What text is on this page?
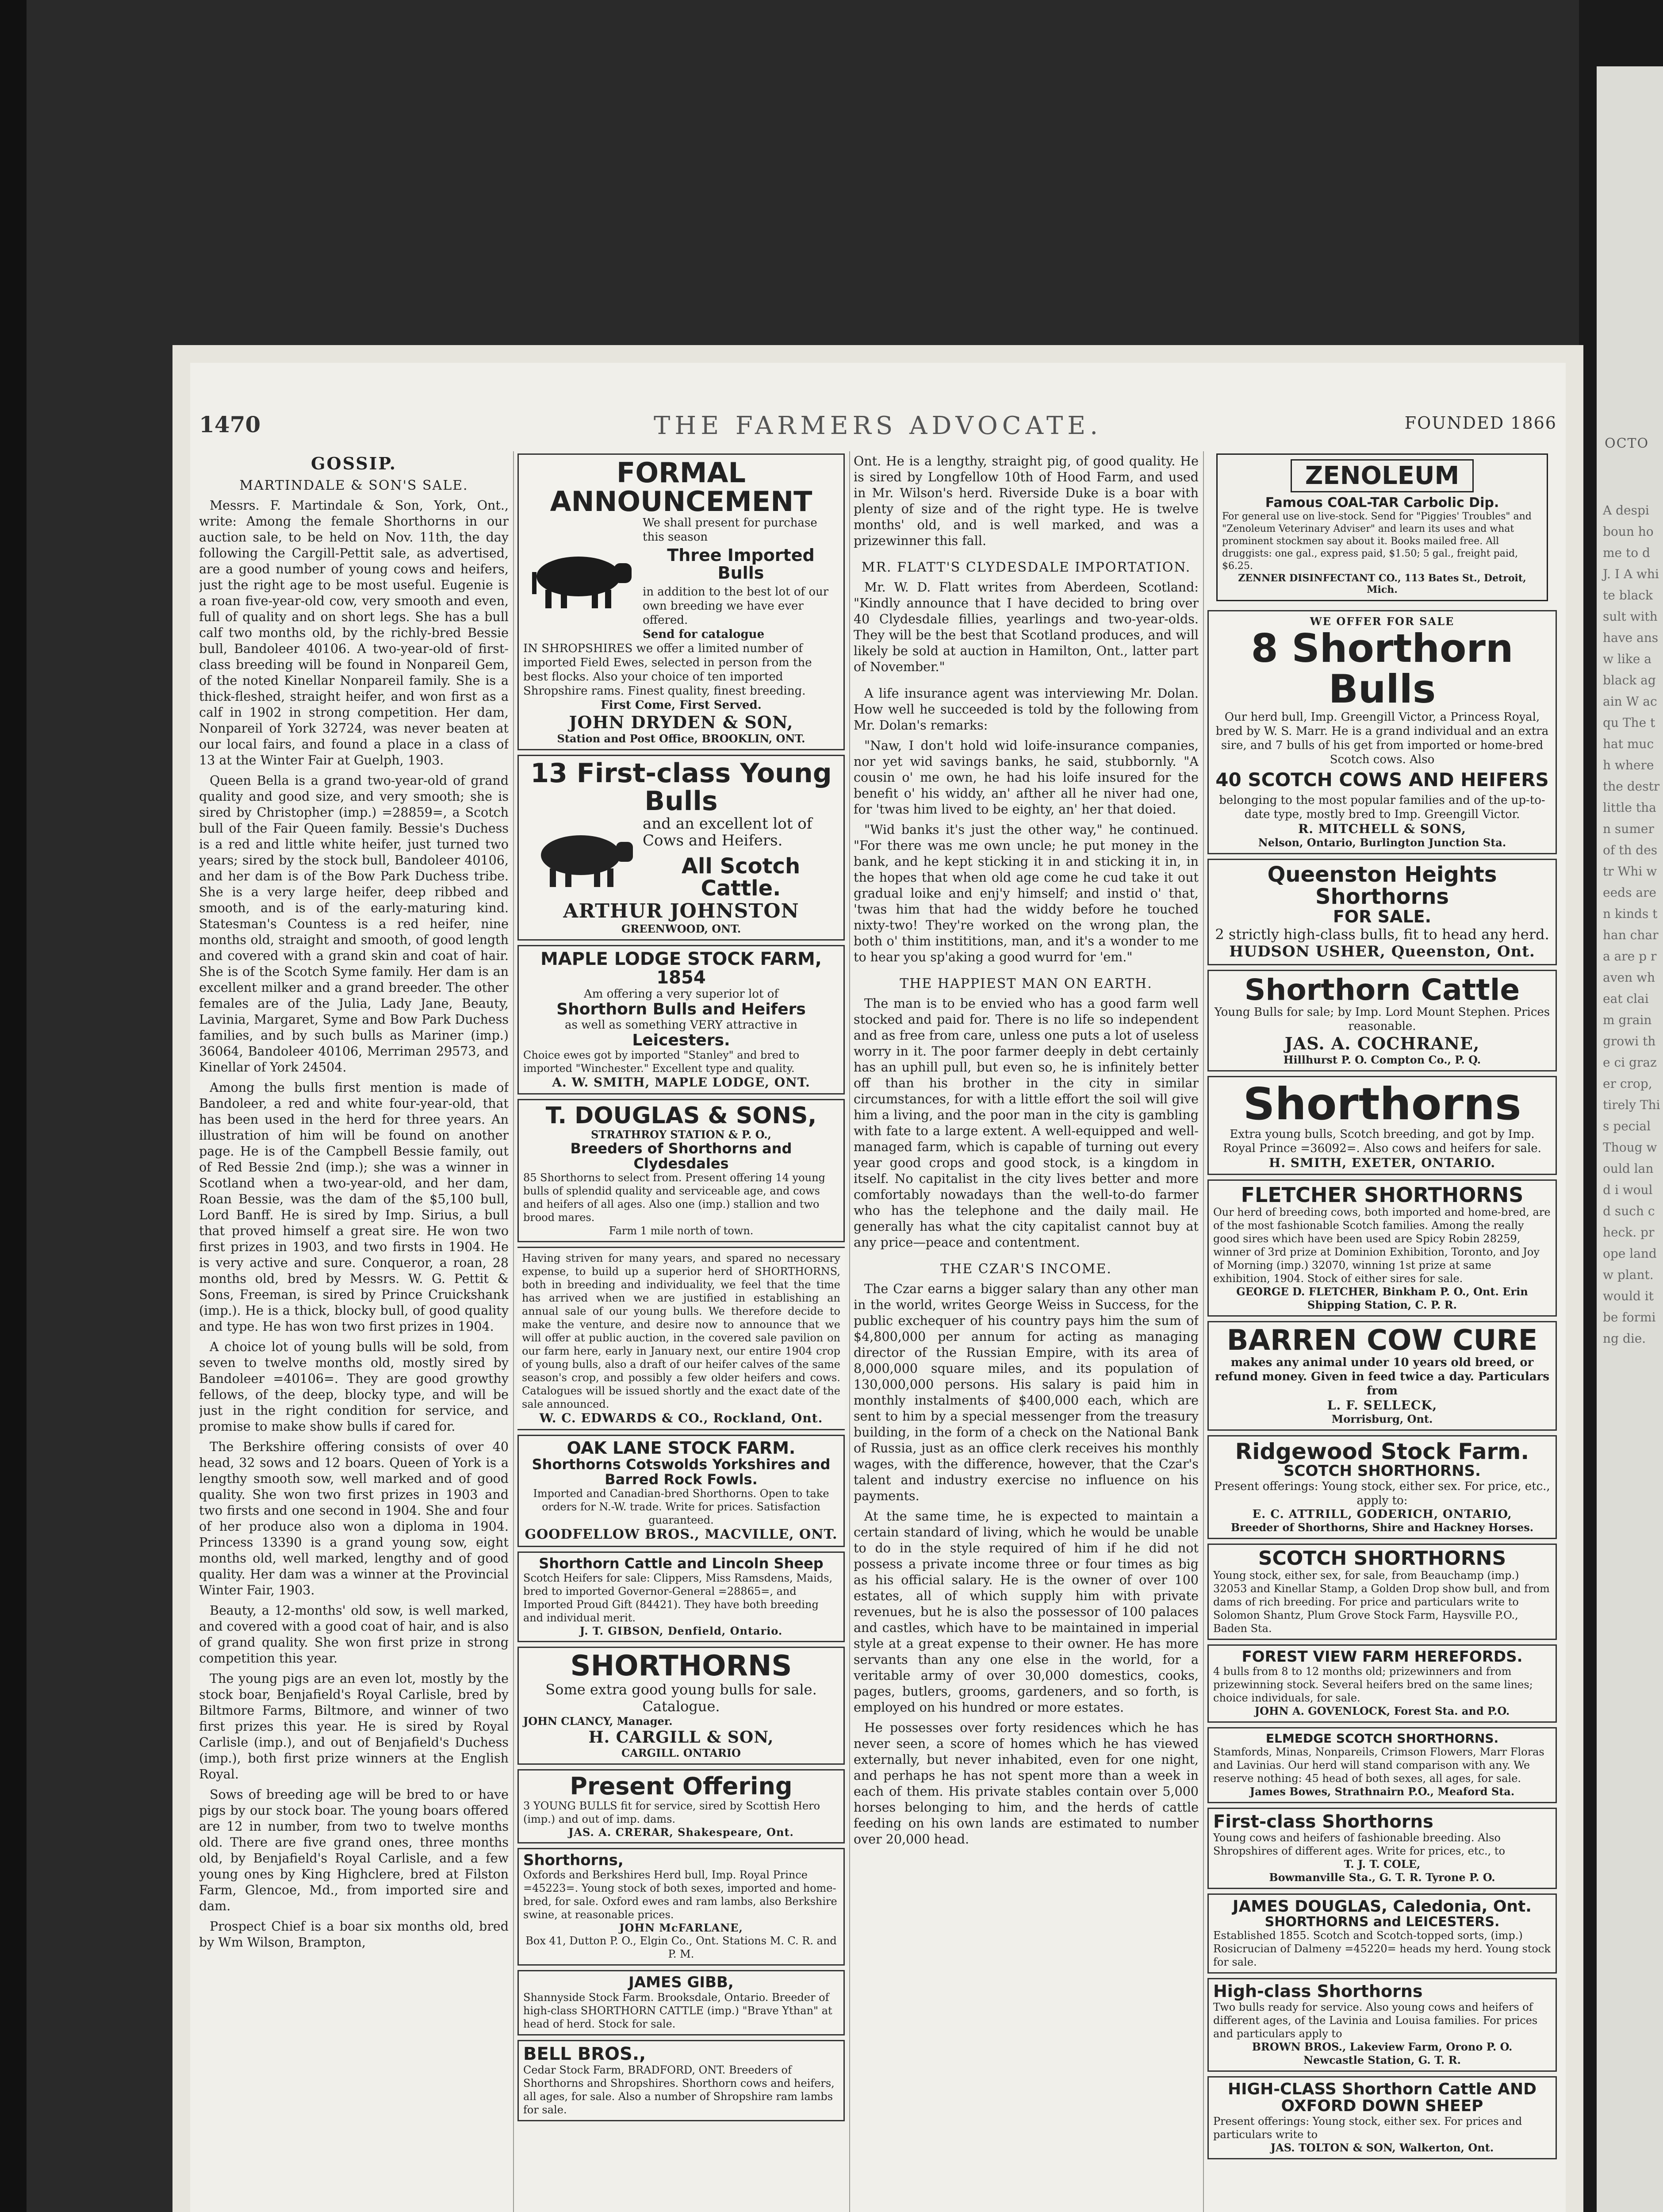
OCTO
A despi boun home to d J. I A white black sult with have answ like a black again W acqu The that much where the destr little than sumer of th destr Whi weeds are n kinds than chara are p raven wheat claim grain growi the ci grazer crop, tirely This pecial Thoug would land i would such check. prope landw plant. would it be forming die.
THE FARMERS ADVOCATE.
1470	FOUNDED 1866
GOSSIP.
MARTINDALE & SON'S SALE.

Messrs. F. Martindale & Son, York, Ont., write: Among the female Shorthorns in our auction sale, to be held on Nov. 11th, the day following the Cargill-Pettit sale, as advertised, are a good number of young cows and heifers, just the right age to be most useful. Eugenie is a roan five-year-old cow, very smooth and even, full of quality and on short legs. She has a bull calf two months old, by the richly-bred Bessie bull, Bandoleer 40106. A two-year-old of first-class breeding will be found in Nonpareil Gem, of the noted Kinellar Nonpareil family. She is a thick-fleshed, straight heifer, and won first as a calf in 1902 in strong competition. Her dam, Nonpareil of York 32724, was never beaten at our local fairs, and found a place in a class of 13 at the Winter Fair at Guelph, 1903.

Queen Bella is a grand two-year-old of grand quality and good size, and very smooth; she is sired by Christopher (imp.) =28859=, a Scotch bull of the Fair Queen family. Bessie's Duchess is a red and little white heifer, just turned two years; sired by the stock bull, Bandoleer 40106, and her dam is of the Bow Park Duchess tribe. She is a very large heifer, deep ribbed and smooth, and is of the early-maturing kind. Statesman's Countess is a red heifer, nine months old, straight and smooth, of good length and covered with a grand skin and coat of hair. She is of the Scotch Syme family. Her dam is an excellent milker and a grand breeder. The other females are of the Julia, Lady Jane, Beauty, Lavinia, Margaret, Syme and Bow Park Duchess families, and by such bulls as Mariner (imp.) 36064, Bandoleer 40106, Merriman 29573, and Kinellar of York 24504.

Among the bulls first mention is made of Bandoleer, a red and white four-year-old, that has been used in the herd for three years. An illustration of him will be found on another page. He is of the Campbell Bessie family, out of Red Bessie 2nd (imp.); she was a winner in Scotland when a two-year-old, and her dam, Roan Bessie, was the dam of the $5,100 bull, Lord Banff. He is sired by Imp. Sirius, a bull that proved himself a great sire. He won two first prizes in 1903, and two firsts in 1904. He is very active and sure. Conqueror, a roan, 28 months old, bred by Messrs. W. G. Pettit & Sons, Freeman, is sired by Prince Cruickshank (imp.). He is a thick, blocky bull, of good quality and type. He has won two first prizes in 1904.

A choice lot of young bulls will be sold, from seven to twelve months old, mostly sired by Bandoleer =40106=. They are good growthy fellows, of the deep, blocky type, and will be just in the right condition for service, and promise to make show bulls if cared for.

The Berkshire offering consists of over 40 head, 32 sows and 12 boars. Queen of York is a lengthy smooth sow, well marked and of good quality. She won two first prizes in 1903 and two firsts and one second in 1904. She and four of her produce also won a diploma in 1904. Princess 13390 is a grand young sow, eight months old, well marked, lengthy and of good quality. Her dam was a winner at the Provincial Winter Fair, 1903.

Beauty, a 12-months' old sow, is well marked, and covered with a good coat of hair, and is also of grand quality. She won first prize in strong competition this year.

The young pigs are an even lot, mostly by the stock boar, Benjafield's Royal Carlisle, bred by Biltmore Farms, Biltmore, and winner of two first prizes this year. He is sired by Royal Carlisle (imp.), and out of Benjafield's Duchess (imp.), both first prize winners at the English Royal.

Sows of breeding age will be bred to or have pigs by our stock boar. The young boars offered are 12 in number, from two to twelve months old. There are five grand ones, three months old, by Benjafield's Royal Carlisle, and a few young ones by King Highclere, bred at Filston Farm, Glencoe, Md., from imported sire and dam.

Prospect Chief is a boar six months old, bred by Wm Wilson, Brampton,

FORMAL ANNOUNCEMENT
We shall present for purchase this season
Three Imported Bulls
in addition to the best lot of our own breeding we have ever offered.
Send for catalogue
IN SHROPSHIRES we offer a limited number of imported Field Ewes, selected in person from the best flocks. Also your choice of ten imported Shropshire rams. Finest quality, finest breeding.
First Come, First Served.
JOHN DRYDEN & SON,
Station and Post Office, BROOKLIN, ONT.
13 First-class Young Bulls
and an excellent lot of Cows and Heifers.
All Scotch Cattle.
ARTHUR JOHNSTON
GREENWOOD, ONT.
MAPLE LODGE STOCK FARM, 1854
Am offering a very superior lot of
Shorthorn Bulls and Heifers
as well as something VERY attractive in
Leicesters.
Choice ewes got by imported "Stanley" and bred to imported "Winchester." Excellent type and quality.
A. W. SMITH, MAPLE LODGE, ONT.
T. DOUGLAS & SONS,
STRATHROY STATION & P. O.,
Breeders of Shorthorns and Clydesdales
85 Shorthorns to select from. Present offering 14 young bulls of splendid quality and serviceable age, and cows and heifers of all ages. Also one (imp.) stallion and two brood mares.
Farm 1 mile north of town.
Having striven for many years, and spared no necessary expense, to build up a superior herd of SHORTHORNS, both in breeding and individuality, we feel that the time has arrived when we are justified in establishing an annual sale of our young bulls. We therefore decide to make the venture, and desire now to announce that we will offer at public auction, in the covered sale pavilion on our farm here, early in January next, our entire 1904 crop of young bulls, also a draft of our heifer calves of the same season's crop, and possibly a few older heifers and cows. Catalogues will be issued shortly and the exact date of the sale announced.
W. C. EDWARDS & CO., Rockland, Ont.
OAK LANE STOCK FARM.
Shorthorns Cotswolds Yorkshires and Barred Rock Fowls.
Imported and Canadian-bred Shorthorns. Open to take orders for N.-W. trade. Write for prices. Satisfaction guaranteed.
GOODFELLOW BROS., MACVILLE, ONT.
Shorthorn Cattle and Lincoln Sheep
Scotch Heifers for sale: Clippers, Miss Ramsdens, Maids, bred to imported Governor-General =28865=, and Imported Proud Gift (84421). They have both breeding and individual merit.
J. T. GIBSON, Denfield, Ontario.
SHORTHORNS
Some extra good young bulls for sale. Catalogue.
JOHN CLANCY, Manager.
H. CARGILL & SON,
CARGILL. ONTARIO
Present Offering
3 YOUNG BULLS fit for service, sired by Scottish Hero (imp.) and out of imp. dams.
JAS. A. CRERAR, Shakespeare, Ont.
Shorthorns,
Oxfords and Berkshires Herd bull, Imp. Royal Prince =45223=. Young stock of both sexes, imported and home-bred, for sale. Oxford ewes and ram lambs, also Berkshire swine, at reasonable prices.
JOHN McFARLANE,
Box 41, Dutton P. O., Elgin Co., Ont. Stations M. C. R. and P. M.
JAMES GIBB,
Shannyside Stock Farm. Brooksdale, Ontario. Breeder of high-class SHORTHORN CATTLE (imp.) "Brave Ythan" at head of herd. Stock for sale.
BELL BROS.,
Cedar Stock Farm, BRADFORD, ONT. Breeders of Shorthorns and Shropshires. Shorthorn cows and heifers, all ages, for sale. Also a number of Shropshire ram lambs for sale.

Ont. He is a lengthy, straight pig, of good quality. He is sired by Longfellow 10th of Hood Farm, and used in Mr. Wilson's herd. Riverside Duke is a boar with plenty of size and of the right type. He is twelve months' old, and is well marked, and was a prizewinner this fall.

MR. FLATT'S CLYDESDALE IMPORTATION.

Mr. W. D. Flatt writes from Aberdeen, Scotland: "Kindly announce that I have decided to bring over 40 Clydesdale fillies, yearlings and two-year-olds. They will be the best that Scotland produces, and will likely be sold at auction in Hamilton, Ont., latter part of November."

A life insurance agent was interviewing Mr. Dolan. How well he succeeded is told by the following from Mr. Dolan's remarks:

"Naw, I don't hold wid loife-insurance companies, nor yet wid savings banks, he said, stubbornly. "A cousin o' me own, he had his loife insured for the benefit o' his widdy, an' afther all he niver had one, for 'twas him lived to be eighty, an' her that doied.

"Wid banks it's just the other way," he continued. "For there was me own uncle; he put money in the bank, and he kept sticking it in and sticking it in, in the hopes that when old age come he cud take it out gradual loike and enj'y himself; and instid o' that, 'twas him that had the widdy before he touched nixty-two! They're worked on the wrong plan, the both o' thim instititions, man, and it's a wonder to me to hear you sp'aking a good wurrd for 'em."

THE HAPPIEST MAN ON EARTH.

The man is to be envied who has a good farm well stocked and paid for. There is no life so independent and as free from care, unless one puts a lot of useless worry in it. The poor farmer deeply in debt certainly has an uphill pull, but even so, he is infinitely better off than his brother in the city in similar circumstances, for with a little effort the soil will give him a living, and the poor man in the city is gambling with fate to a large extent. A well-equipped and well-managed farm, which is capable of turning out every year good crops and good stock, is a kingdom in itself. No capitalist in the city lives better and more comfortably nowadays than the well-to-do farmer who has the telephone and the daily mail. He generally has what the city capitalist cannot buy at any price—peace and contentment.

THE CZAR'S INCOME.

The Czar earns a bigger salary than any other man in the world, writes George Weiss in Success, for the public exchequer of his country pays him the sum of $4,800,000 per annum for acting as managing director of the Russian Empire, with its area of 8,000,000 square miles, and its population of 130,000,000 persons. His salary is paid him in monthly instalments of $400,000 each, which are sent to him by a special messenger from the treasury building, in the form of a check on the National Bank of Russia, just as an office clerk receives his monthly wages, with the difference, however, that the Czar's talent and industry exercise no influence on his payments.

At the same time, he is expected to maintain a certain standard of living, which he would be unable to do in the style required of him if he did not possess a private income three or four times as big as his official salary. He is the owner of over 100 estates, all of which supply him with private revenues, but he is also the possessor of 100 palaces and castles, which have to be maintained in imperial style at a great expense to their owner. He has more servants than any one else in the world, for a veritable army of over 30,000 domestics, cooks, pages, butlers, grooms, gardeners, and so forth, is employed on his hundred or more estates.

He possesses over forty residences which he has never seen, a score of homes which he has viewed externally, but never inhabited, even for one night, and perhaps he has not spent more than a week in each of them. His private stables contain over 5,000 horses belonging to him, and the herds of cattle feeding on his own lands are estimated to number over 20,000 head.

ZENOLEUM
Famous COAL-TAR Carbolic Dip.
For general use on live-stock. Send for "Piggies' Troubles" and "Zenoleum Veterinary Adviser" and learn its uses and what prominent stockmen say about it. Books mailed free. All druggists: one gal., express paid, $1.50; 5 gal., freight paid, $6.25.
ZENNER DISINFECTANT CO., 113 Bates St., Detroit, Mich.
WE OFFER FOR SALE
8 Shorthorn Bulls
Our herd bull, Imp. Greengill Victor, a Princess Royal, bred by W. S. Marr. He is a grand individual and an extra sire, and 7 bulls of his get from imported or home-bred Scotch cows. Also
40 SCOTCH COWS AND HEIFERS
belonging to the most popular families and of the up-to-date type, mostly bred to Imp. Greengill Victor.
R. MITCHELL & SONS,
Nelson, Ontario, Burlington Junction Sta.
Queenston Heights Shorthorns
FOR SALE.
2 strictly high-class bulls, fit to head any herd.
HUDSON USHER, Queenston, Ont.
Shorthorn Cattle
Young Bulls for sale; by Imp. Lord Mount Stephen. Prices reasonable.
JAS. A. COCHRANE,
Hillhurst P. O. Compton Co., P. Q.
Shorthorns
Extra young bulls, Scotch breeding, and got by Imp. Royal Prince =36092=. Also cows and heifers for sale.
H. SMITH, EXETER, ONTARIO.
FLETCHER SHORTHORNS
Our herd of breeding cows, both imported and home-bred, are of the most fashionable Scotch families. Among the really good sires which have been used are Spicy Robin 28259, winner of 3rd prize at Dominion Exhibition, Toronto, and Joy of Morning (imp.) 32070, winning 1st prize at same exhibition, 1904. Stock of either sires for sale.
GEORGE D. FLETCHER, Binkham P. O., Ont. Erin Shipping Station, C. P. R.
BARREN COW CURE
makes any animal under 10 years old breed, or refund money. Given in feed twice a day. Particulars from
L. F. SELLECK,
Morrisburg, Ont.
Ridgewood Stock Farm.
SCOTCH SHORTHORNS.
Present offerings: Young stock, either sex. For price, etc., apply to:
E. C. ATTRILL, GODERICH, ONTARIO,
Breeder of Shorthorns, Shire and Hackney Horses.
SCOTCH SHORTHORNS
Young stock, either sex, for sale, from Beauchamp (imp.) 32053 and Kinellar Stamp, a Golden Drop show bull, and from dams of rich breeding. For price and particulars write to Solomon Shantz, Plum Grove Stock Farm, Haysville P.O., Baden Sta.
FOREST VIEW FARM HEREFORDS.
4 bulls from 8 to 12 months old; prizewinners and from prizewinning stock. Several heifers bred on the same lines; choice individuals, for sale.
JOHN A. GOVENLOCK, Forest Sta. and P.O.
ELMEDGE SCOTCH SHORTHORNS.
Stamfords, Minas, Nonpareils, Crimson Flowers, Marr Floras and Lavinias. Our herd will stand comparison with any. We reserve nothing: 45 head of both sexes, all ages, for sale.
James Bowes, Strathnairn P.O., Meaford Sta.
First-class Shorthorns
Young cows and heifers of fashionable breeding. Also Shropshires of different ages. Write for prices, etc., to
T. J. T. COLE,
Bowmanville Sta., G. T. R. Tyrone P. O.
JAMES DOUGLAS, Caledonia, Ont.
SHORTHORNS and LEICESTERS.
Established 1855. Scotch and Scotch-topped sorts, (imp.) Rosicrucian of Dalmeny =45220= heads my herd. Young stock for sale.
High-class Shorthorns
Two bulls ready for service. Also young cows and heifers of different ages, of the Lavinia and Louisa families. For prices and particulars apply to
BROWN BROS., Lakeview Farm, Orono P. O.
Newcastle Station, G. T. R.
HIGH-CLASS Shorthorn Cattle AND OXFORD DOWN SHEEP
Present offerings: Young stock, either sex. For prices and particulars write to
JAS. TOLTON & SON, Walkerton, Ont.
